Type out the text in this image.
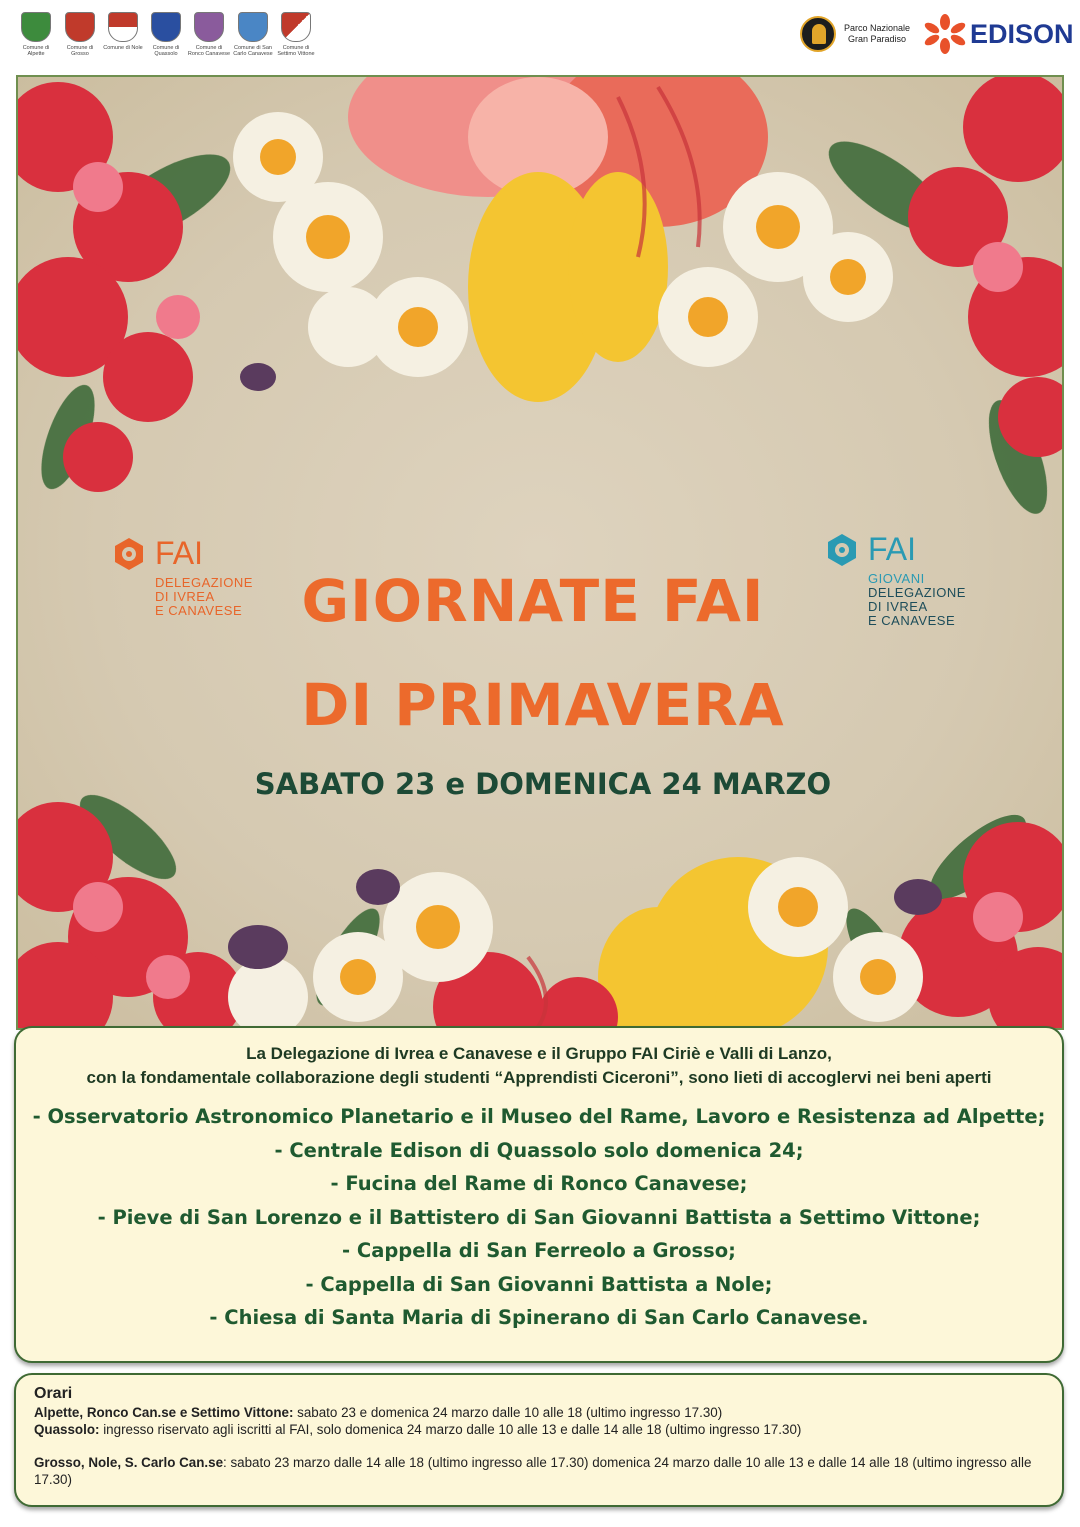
Comune di Alpette
Comune di Grosso
Comune di Nole	Comune di Quassolo
Comune di Ronco Canavese
Comune di San Carlo Canavese
Comune di Settimo Vittone
Parco Nazionale Gran Paradiso EDISON
FAI
DELEGAZIONE
DI IVREA
E CANAVESE
FAI
GIOVANI
DELEGAZIONE
DI IVREA
E CANAVESE
GIORNATE FAI
DI PRIMAVERA
SABATO 23 e DOMENICA 24 MARZO
La Delegazione di Ivrea e Canavese e il Gruppo FAI Ciriè e Valli di Lanzo,
con la fondamentale collaborazione degli studenti “Apprendisti Ciceroni”, sono lieti di accoglervi nei beni aperti
- Osservatorio Astronomico Planetario e il Museo del Rame, Lavoro e Resistenza ad Alpette;
- Centrale Edison di Quassolo solo domenica 24;
- Fucina del Rame di Ronco Canavese;
- Pieve di San Lorenzo e il Battistero di San Giovanni Battista a Settimo Vittone;
- Cappella di San Ferreolo a Grosso;
- Cappella di San Giovanni Battista a Nole;
- Chiesa di Santa Maria di Spinerano di San Carlo Canavese.
Orari
Alpette, Ronco Can.se e Settimo Vittone: sabato 23 e domenica 24 marzo dalle 10 alle 18 (ultimo ingresso 17.30)
Quassolo: ingresso riservato agli iscritti al FAI, solo domenica 24 marzo dalle 10 alle 13 e dalle 14 alle 18 (ultimo ingresso 17.30)
Grosso, Nole, S. Carlo Can.se: sabato 23 marzo dalle 14 alle 18 (ultimo ingresso alle 17.30) domenica 24 marzo dalle 10 alle 13 e dalle 14 alle 18 (ultimo ingresso alle 17.30)
